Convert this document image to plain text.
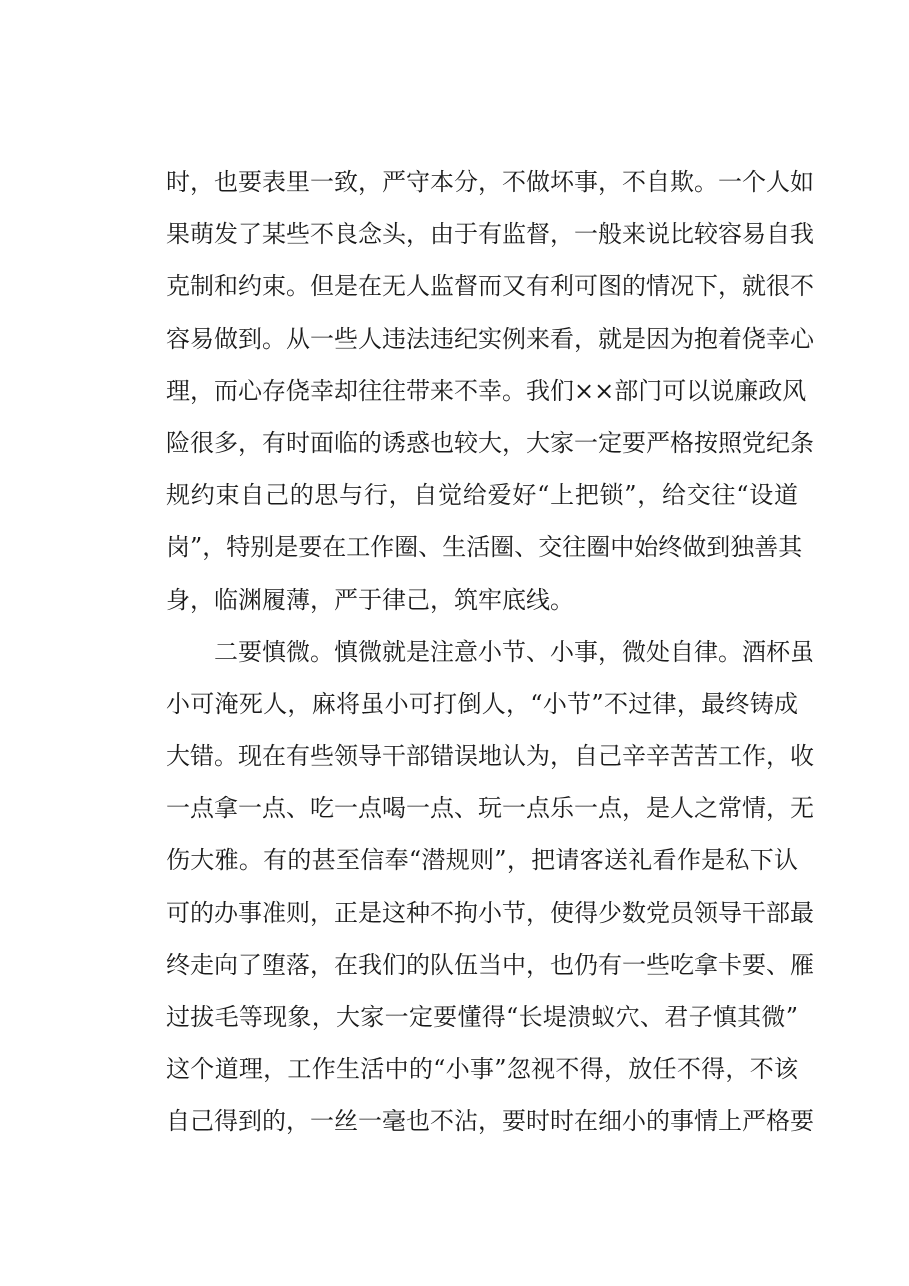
时，也要表里一致，严守本分，不做坏事，不自欺。一个人如
果萌发了某些不良念头，由于有监督，一般来说比较容易自我
克制和约束。但是在无人监督而又有利可图的情况下，就很不
容易做到。从一些人违法违纪实例来看，就是因为抱着侥幸心
理，而心存侥幸却往往带来不幸。我们××部门可以说廉政风
险很多，有时面临的诱惑也较大，大家一定要严格按照党纪条
规约束自己的思与行，自觉给爱好“上把锁”，给交往“设道
岗”，特别是要在工作圈、生活圈、交往圈中始终做到独善其
身，临渊履薄，严于律己，筑牢底线。
二要慎微。慎微就是注意小节、小事，微处自律。酒杯虽
小可淹死人，麻将虽小可打倒人，“小节”不过律，最终铸成
大错。现在有些领导干部错误地认为，自己辛辛苦苦工作，收
一点拿一点、吃一点喝一点、玩一点乐一点，是人之常情，无
伤大雅。有的甚至信奉“潜规则”，把请客送礼看作是私下认
可的办事准则，正是这种不拘小节，使得少数党员领导干部最
终走向了堕落，在我们的队伍当中，也仍有一些吃拿卡要、雁
过拔毛等现象，大家一定要懂得“长堤溃蚁穴、君子慎其微”
这个道理，工作生活中的“小事”忽视不得，放任不得，不该
自己得到的，一丝一毫也不沾，要时时在细小的事情上严格要
